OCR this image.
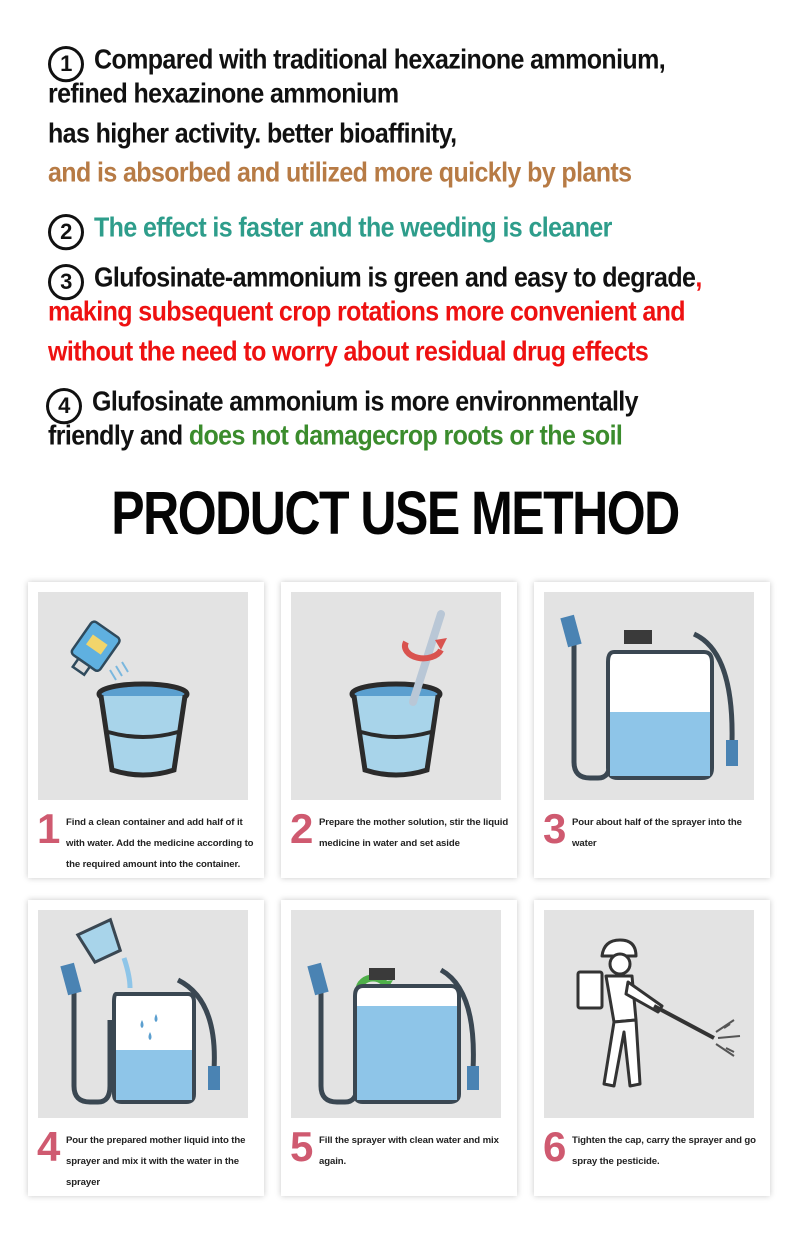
1 Compared with traditional hexazinone ammonium,
refined hexazinone ammonium
has higher activity. better bioaffinity,
and is absorbed and utilized more quickly by plants
2 The effect is faster and the weeding is cleaner
3 Glufosinate-ammonium is green and easy to degrade,
making subsequent crop rotations more convenient and
without the need to worry about residual drug effects
4 Glufosinate ammonium is more environmentally
friendly and does not damagecrop roots or the soil
PRODUCT USE METHOD
1 Find a clean container and add half of it with water. Add the medicine according to the required amount into the container.
2 Prepare the mother solution, stir the liquid medicine in water and set aside	3 Pour about half of the sprayer into the water
4 Pour the prepared mother liquid into the sprayer and mix it with the water in the sprayer
5 Fill the sprayer with clean water and mix again.	6 Tighten the cap, carry the sprayer and go spray the pesticide.
